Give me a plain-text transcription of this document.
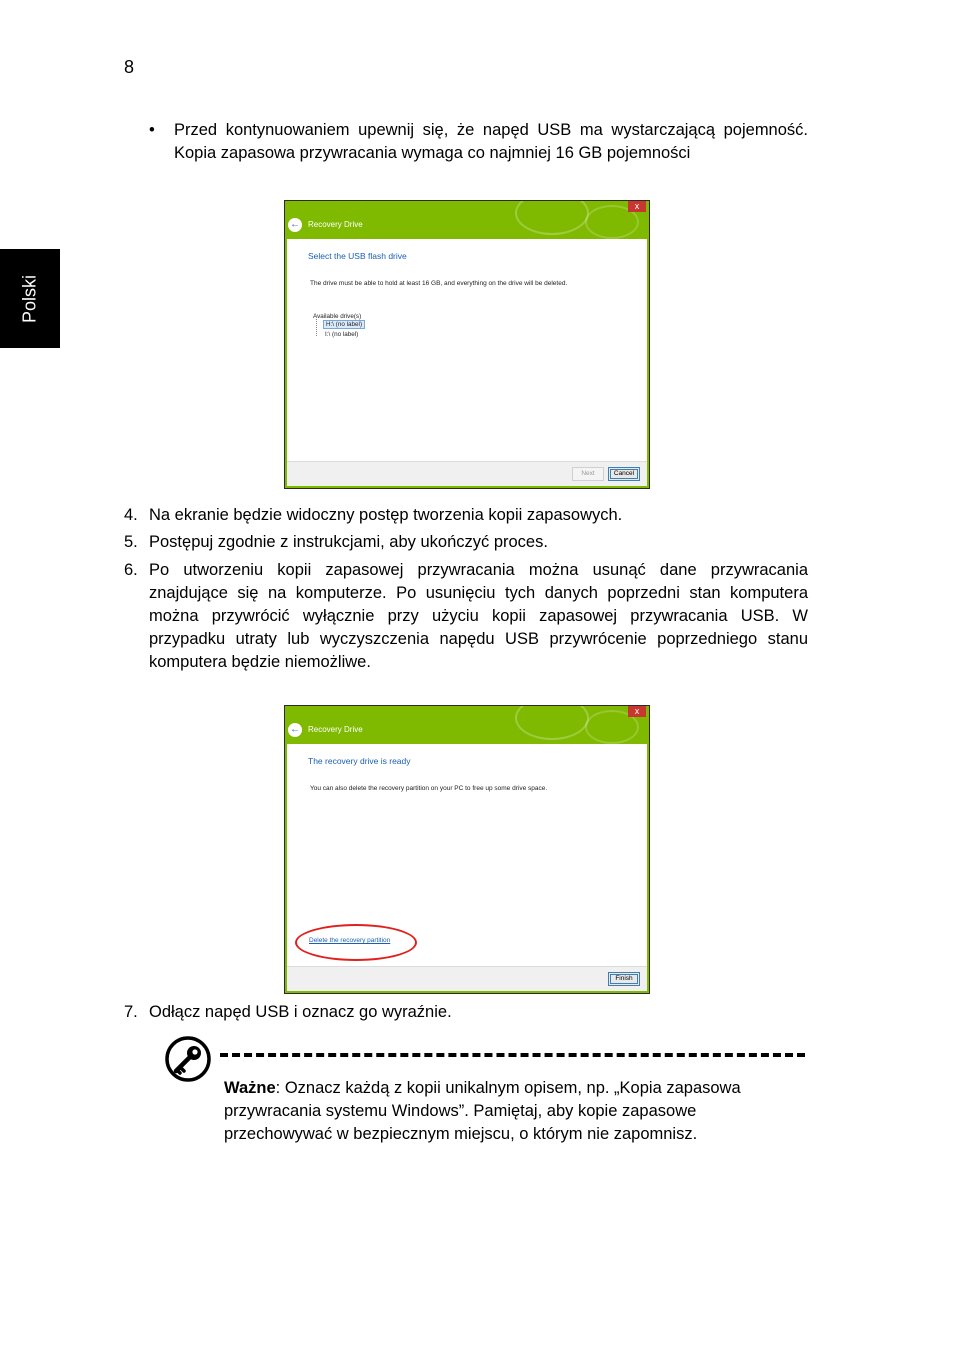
8
Polski
• Przed kontynuowaniem upewnij się, że napęd USB ma wystarczającą pojemność. Kopia zapasowa przywracania wymaga co najmniej 16 GB pojemności
x
← Recovery Drive
Select the USB flash drive
The drive must be able to hold at least 16 GB, and everything on the drive will be deleted.
Available drive(s)
H:\ (no label)
I:\ (no label)
Next	Cancel
4. Na ekranie będzie widoczny postęp tworzenia kopii zapasowych.
5. Postępuj zgodnie z instrukcjami, aby ukończyć proces.
6. Po utworzeniu kopii zapasowej przywracania można usunąć dane przywracania znajdujące się na komputerze. Po usunięciu tych danych poprzedni stan komputera można przywrócić wyłącznie przy użyciu kopii zapasowej przywracania USB. W przypadku utraty lub wyczyszczenia napędu USB przywrócenie poprzedniego stanu komputera będzie niemożliwe.
x
← Recovery Drive
The recovery drive is ready
You can also delete the recovery partition on your PC to free up some drive space.
Delete the recovery partition
Finish
7. Odłącz napęd USB i oznacz go wyraźnie.
Ważne: Oznacz każdą z kopii unikalnym opisem, np. „Kopia zapasowa przywracania systemu Windows”. Pamiętaj, aby kopie zapasowe przechowywać w bezpiecznym miejscu, o którym nie zapomnisz.
